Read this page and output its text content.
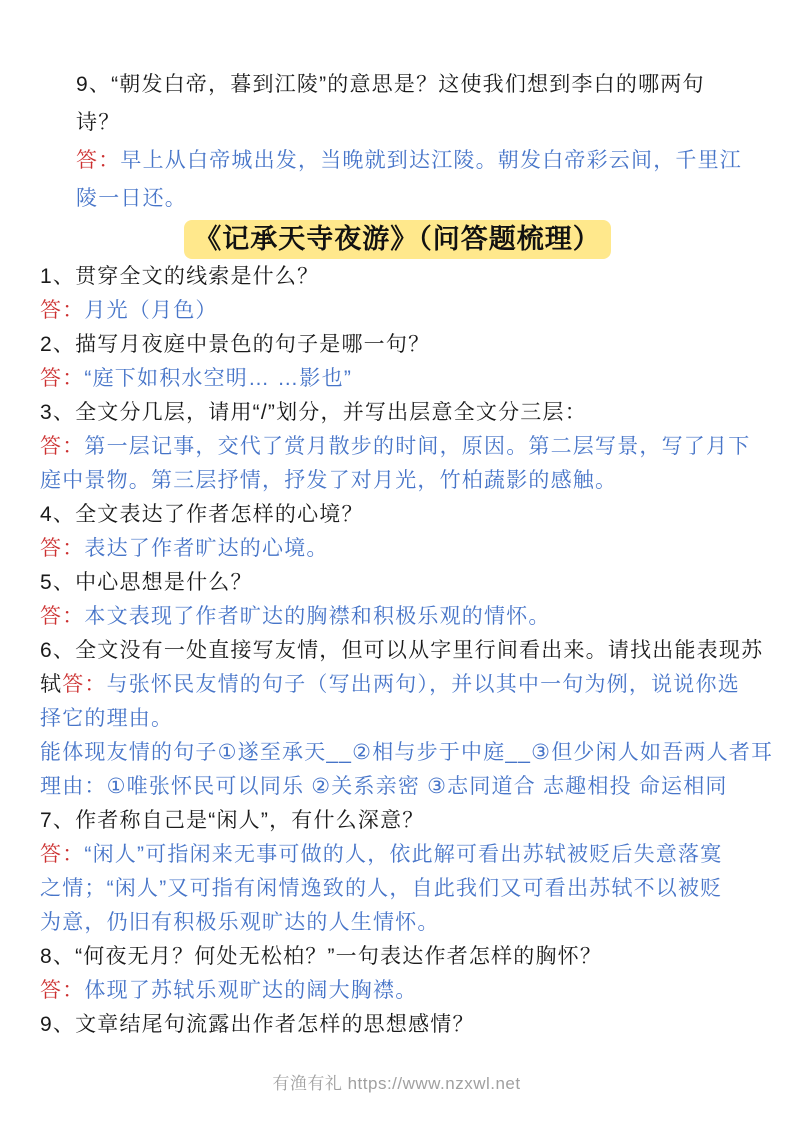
9、“朝发白帝，暮到江陵”的意思是？这使我们想到李白的哪两句
诗？
答：早上从白帝城出发，当晚就到达江陵。朝发白帝彩云间，千里江
陵一日还。
《记承天寺夜游》（问答题梳理）
1、贯穿全文的线索是什么？
答：月光（月色）
2、描写月夜庭中景色的句子是哪一句？
答：“庭下如积水空明… …影也”
3、全文分几层，请用“/”划分，并写出层意全文分三层：
答：第一层记事，交代了赏月散步的时间，原因。第二层写景，写了月下
庭中景物。第三层抒情，抒发了对月光，竹柏蔬影的感触。
4、全文表达了作者怎样的心境？
答：表达了作者旷达的心境。
5、中心思想是什么？
答：本文表现了作者旷达的胸襟和积极乐观的情怀。
6、全文没有一处直接写友情，但可以从字里行间看出来。请找出能表现苏
轼答：与张怀民友情的句子（写出两句），并以其中一句为例，说说你选
择它的理由。
能体现友情的句子①遂至承天__②相与步于中庭__③但少闲人如吾两人者耳
理由：①唯张怀民可以同乐 ②关系亲密 ③志同道合 志趣相投 命运相同
7、作者称自己是“闲人”，有什么深意？
答：“闲人”可指闲来无事可做的人，依此解可看出苏轼被贬后失意落寞
之情；“闲人”又可指有闲情逸致的人，自此我们又可看出苏轼不以被贬
为意，仍旧有积极乐观旷达的人生情怀。
8、“何夜无月？何处无松柏？”一句表达作者怎样的胸怀？
答：体现了苏轼乐观旷达的阔大胸襟。
9、文章结尾句流露出作者怎样的思想感情？
有渔有礼 https://www.nzxwl.net
